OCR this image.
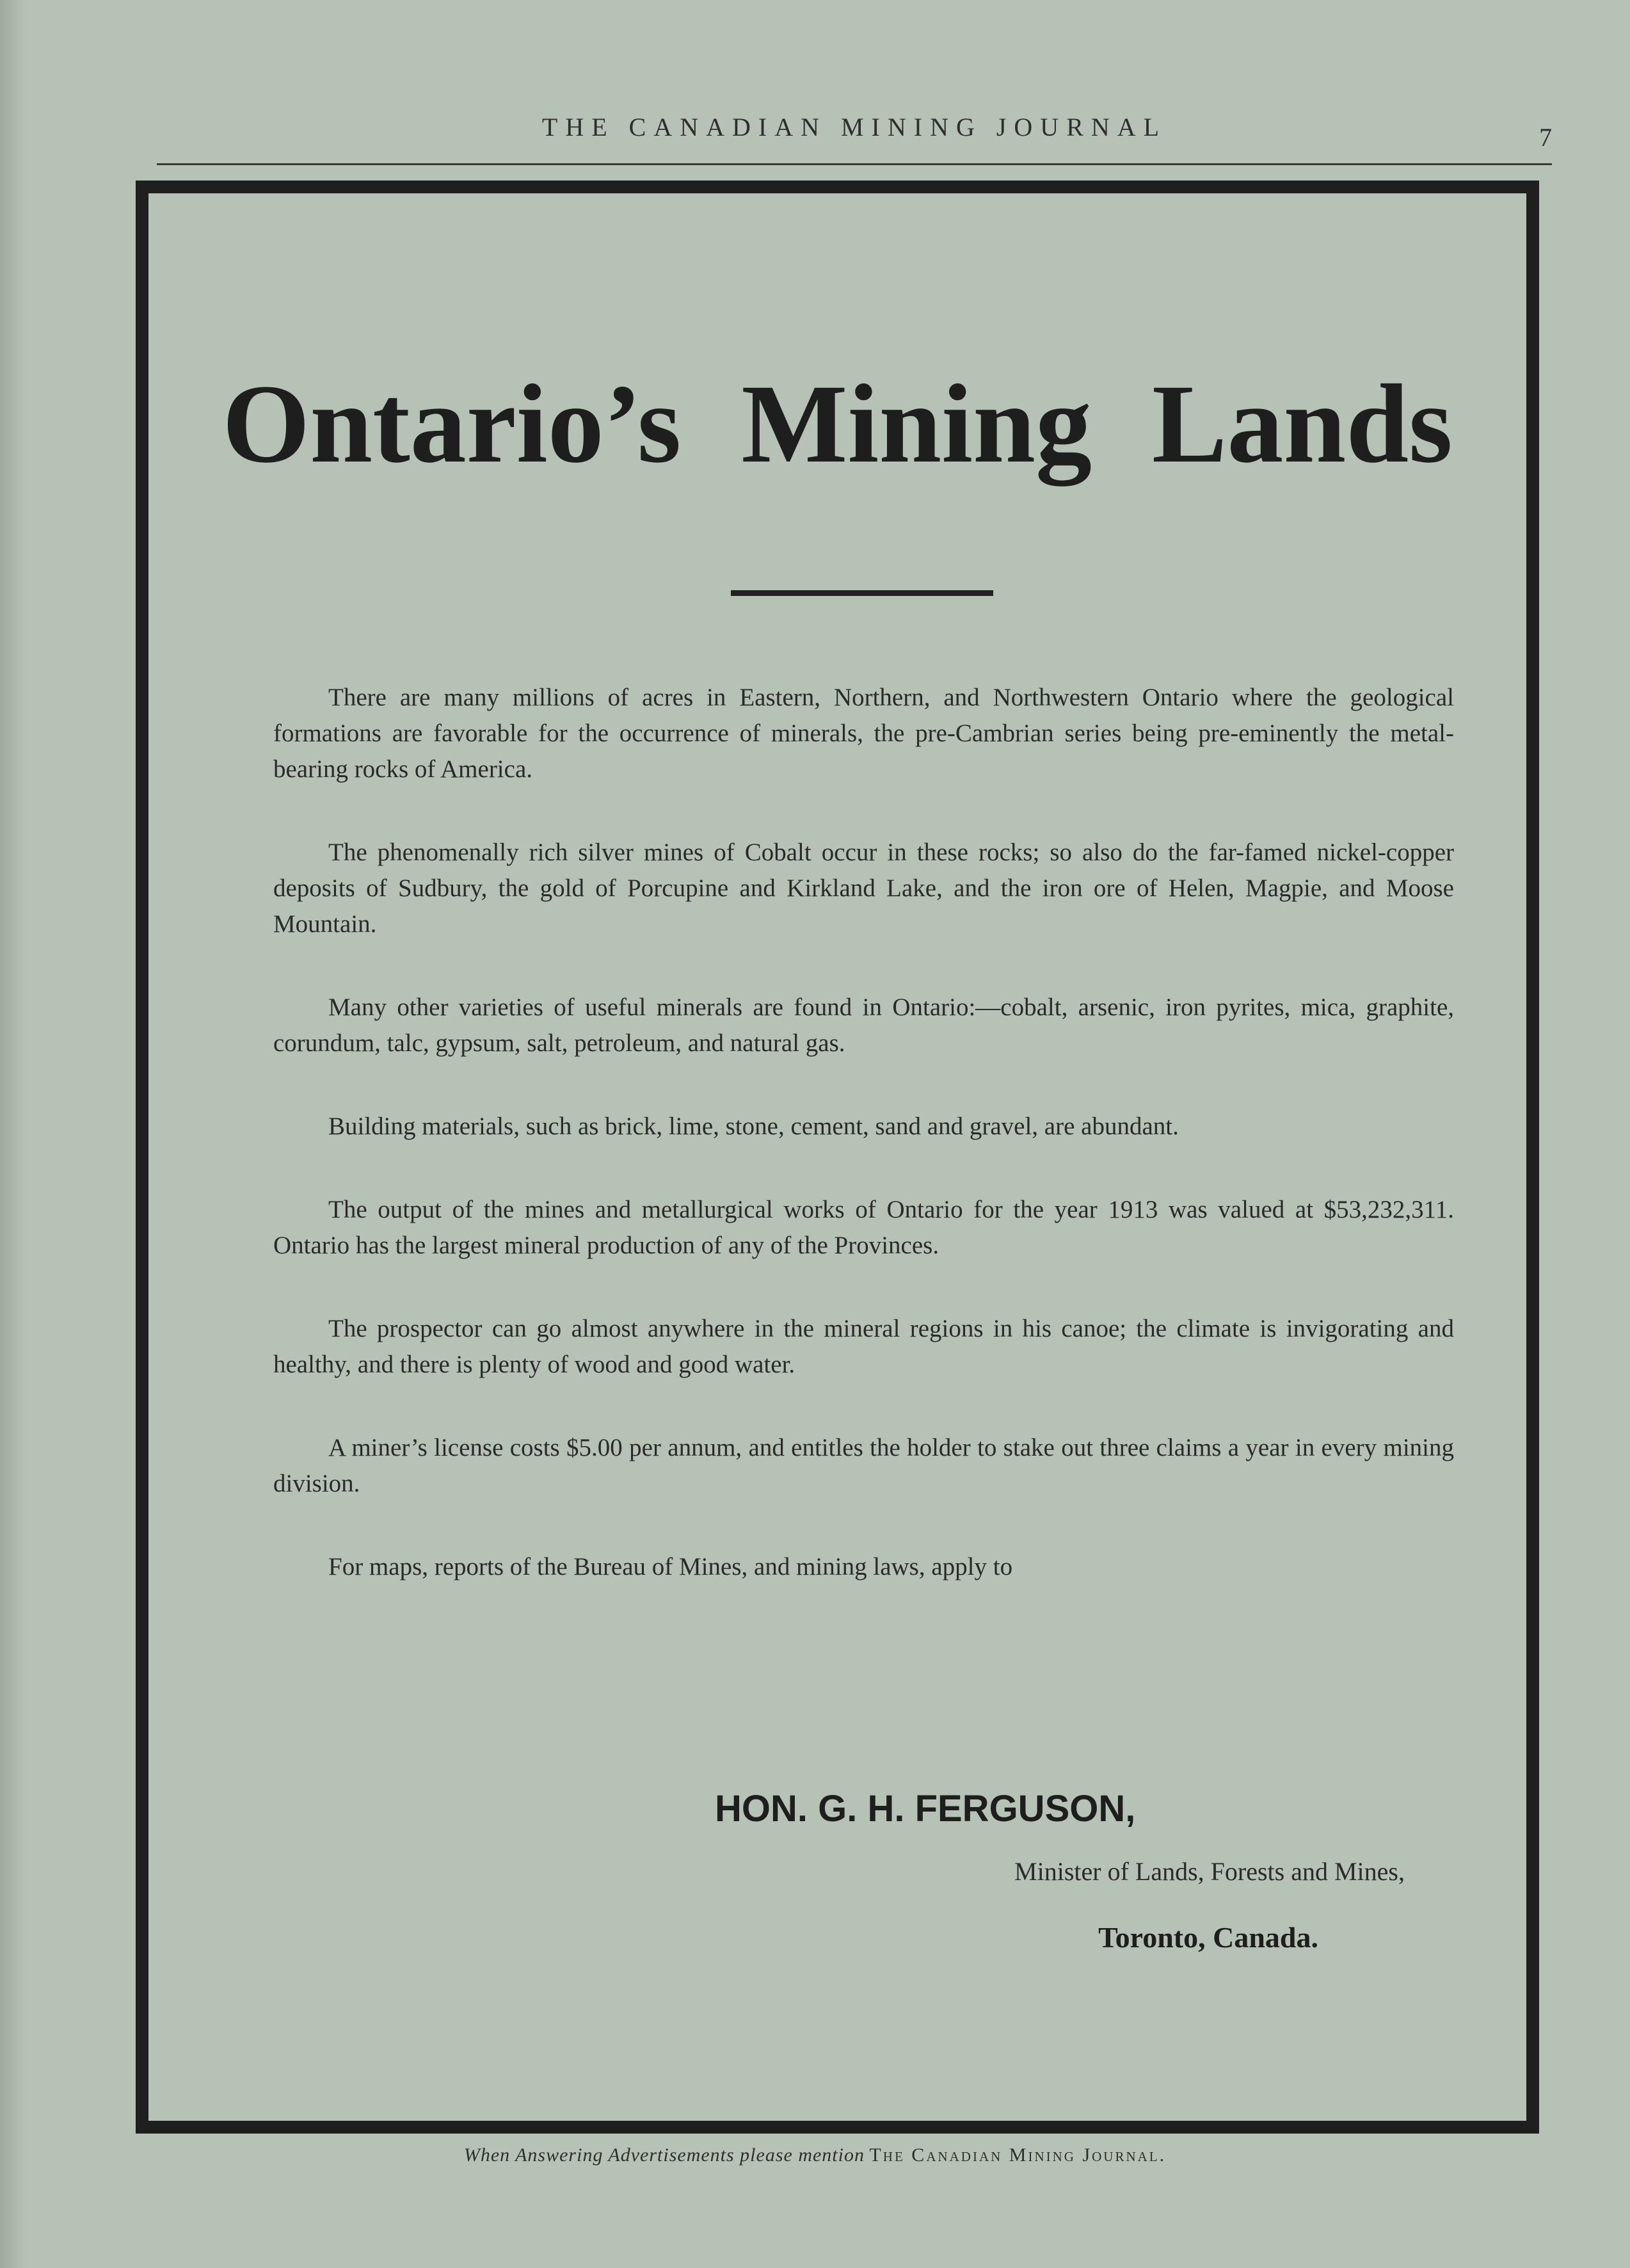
THE CANADIAN MINING JOURNAL	7
Ontario’s Mining Lands

There are many millions of acres in Eastern, Northern, and Northwestern Ontario where the geological formations are favorable for the occurrence of minerals, the pre-Cambrian series being pre-eminently the metal-bearing rocks of America.

The phenomenally rich silver mines of Cobalt occur in these rocks; so also do the far-famed nickel-copper deposits of Sudbury, the gold of Porcupine and Kirkland Lake, and the iron ore of Helen, Magpie, and Moose Mountain.

Many other varieties of useful minerals are found in Ontario:—cobalt, arsenic, iron pyrites, mica, graphite, corundum, talc, gypsum, salt, petroleum, and natural gas.

Building materials, such as brick, lime, stone, cement, sand and gravel, are abundant.

The output of the mines and metallurgical works of Ontario for the year 1913 was valued at $53,232,311. Ontario has the largest mineral production of any of the Provinces.

The prospector can go almost anywhere in the mineral regions in his canoe; the climate is invigorating and healthy, and there is plenty of wood and good water.

A miner’s license costs $5.00 per annum, and entitles the holder to stake out three claims a year in every mining division.

For maps, reports of the Bureau of Mines, and mining laws, apply to

HON. G. H. FERGUSON,
Minister of Lands, Forests and Mines,
Toronto, Canada.
When Answering Advertisements please mention The Canadian Mining Journal.
